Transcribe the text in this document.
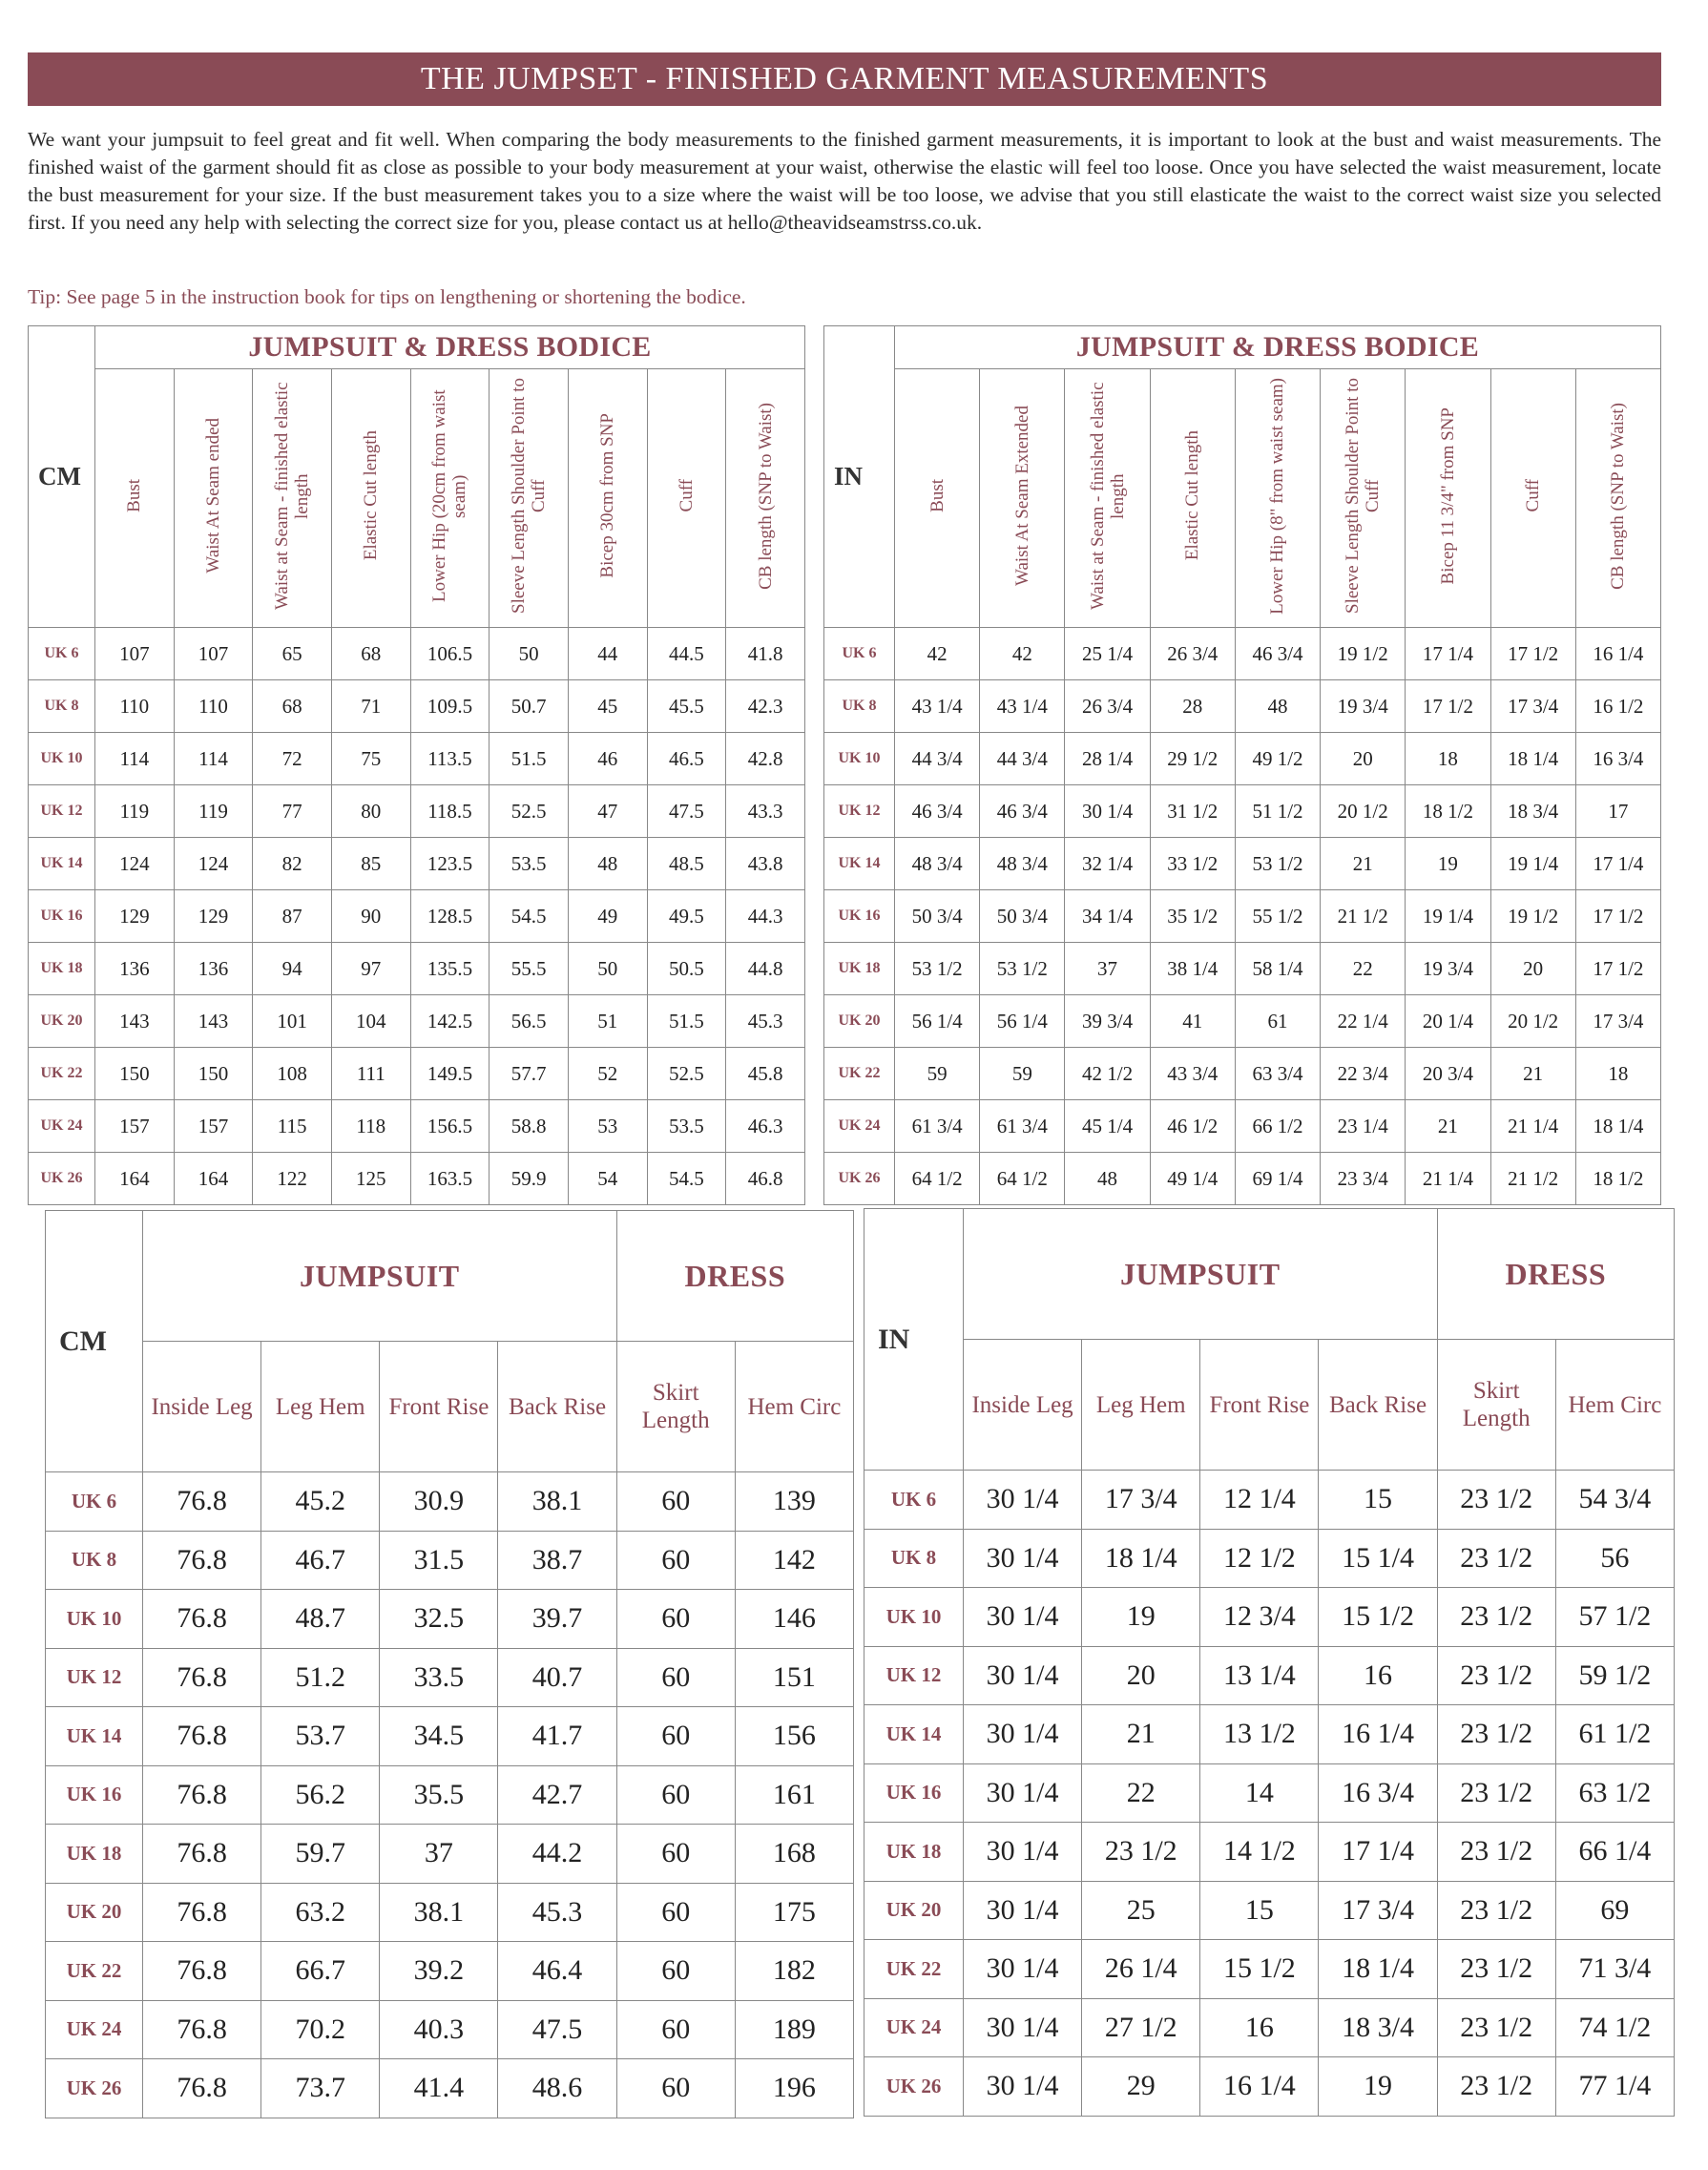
THE JUMPSET - FINISHED GARMENT MEASUREMENTS
We want your jumpsuit to feel great and fit well. When comparing the body measurements to the finished garment measurements, it is important to look at the bust and waist measurements. The finished waist of the garment should fit as close as possible to your body measurement at your waist, otherwise the elastic will feel too loose. Once you have selected the waist measurement, locate the bust measurement for your size. If the bust measurement takes you to a size where the waist will be too loose, we advise that you still elasticate the waist to the correct waist size you selected first. If you need any help with selecting the correct size for you, please contact us at hello@theavidseamstrss.co.uk.
Tip: See page 5 in the instruction book for tips on lengthening or shortening the bodice.
CM	JUMPSUIT & DRESS BODICE								
	Bust	Waist At Seam ended	Waist at Seam - finished elastic length	Elastic Cut length	Lower Hip (20cm from waist seam)	Sleeve Length Shoulder Point to Cuff	Bicep 30cm from SNP	Cuff	CB length (SNP to Waist)
UK 6	107	107	65	68	106.5	50	44	44.5	41.8
UK 8	110	110	68	71	109.5	50.7	45	45.5	42.3
UK 10	114	114	72	75	113.5	51.5	46	46.5	42.8
UK 12	119	119	77	80	118.5	52.5	47	47.5	43.3
UK 14	124	124	82	85	123.5	53.5	48	48.5	43.8
UK 16	129	129	87	90	128.5	54.5	49	49.5	44.3
UK 18	136	136	94	97	135.5	55.5	50	50.5	44.8
UK 20	143	143	101	104	142.5	56.5	51	51.5	45.3
UK 22	150	150	108	111	149.5	57.7	52	52.5	45.8
UK 24	157	157	115	118	156.5	58.8	53	53.5	46.3
UK 26	164	164	122	125	163.5	59.9	54	54.5	46.8
IN	JUMPSUIT & DRESS BODICE								
	Bust	Waist At Seam Extended	Waist at Seam - finished elastic length	Elastic Cut length	Lower Hip (8" from waist seam)	Sleeve Length Shoulder Point to Cuff	Bicep 11 3/4" from SNP	Cuff	CB length (SNP to Waist)
UK 6	42	42	25 1/4	26 3/4	46 3/4	19 1/2	17 1/4	17 1/2	16 1/4
UK 8	43 1/4	43 1/4	26 3/4	28	48	19 3/4	17 1/2	17 3/4	16 1/2
UK 10	44 3/4	44 3/4	28 1/4	29 1/2	49 1/2	20	18	18 1/4	16 3/4
UK 12	46 3/4	46 3/4	30 1/4	31 1/2	51 1/2	20 1/2	18 1/2	18 3/4	17
UK 14	48 3/4	48 3/4	32 1/4	33 1/2	53 1/2	21	19	19 1/4	17 1/4
UK 16	50 3/4	50 3/4	34 1/4	35 1/2	55 1/2	21 1/2	19 1/4	19 1/2	17 1/2
UK 18	53 1/2	53 1/2	37	38 1/4	58 1/4	22	19 3/4	20	17 1/2
UK 20	56 1/4	56 1/4	39 3/4	41	61	22 1/4	20 1/4	20 1/2	17 3/4
UK 22	59	59	42 1/2	43 3/4	63 3/4	22 3/4	20 3/4	21	18
UK 24	61 3/4	61 3/4	45 1/4	46 1/2	66 1/2	23 1/4	21	21 1/4	18 1/4
UK 26	64 1/2	64 1/2	48	49 1/4	69 1/4	23 3/4	21 1/4	21 1/2	18 1/2
CM	JUMPSUIT				DRESS	
	Inside Leg	Leg Hem	Front Rise	Back Rise	Skirt Length	Hem Circ
UK 6	76.8	45.2	30.9	38.1	60	139
UK 8	76.8	46.7	31.5	38.7	60	142
UK 10	76.8	48.7	32.5	39.7	60	146
UK 12	76.8	51.2	33.5	40.7	60	151
UK 14	76.8	53.7	34.5	41.7	60	156
UK 16	76.8	56.2	35.5	42.7	60	161
UK 18	76.8	59.7	37	44.2	60	168
UK 20	76.8	63.2	38.1	45.3	60	175
UK 22	76.8	66.7	39.2	46.4	60	182
UK 24	76.8	70.2	40.3	47.5	60	189
UK 26	76.8	73.7	41.4	48.6	60	196
IN	JUMPSUIT				DRESS	
	Inside Leg	Leg Hem	Front Rise	Back Rise	Skirt Length	Hem Circ
UK 6	30 1/4	17 3/4	12 1/4	15	23 1/2	54 3/4
UK 8	30 1/4	18 1/4	12 1/2	15 1/4	23 1/2	56
UK 10	30 1/4	19	12 3/4	15 1/2	23 1/2	57 1/2
UK 12	30 1/4	20	13 1/4	16	23 1/2	59 1/2
UK 14	30 1/4	21	13 1/2	16 1/4	23 1/2	61 1/2
UK 16	30 1/4	22	14	16 3/4	23 1/2	63 1/2
UK 18	30 1/4	23 1/2	14 1/2	17 1/4	23 1/2	66 1/4
UK 20	30 1/4	25	15	17 3/4	23 1/2	69
UK 22	30 1/4	26 1/4	15 1/2	18 1/4	23 1/2	71 3/4
UK 24	30 1/4	27 1/2	16	18 3/4	23 1/2	74 1/2
UK 26	30 1/4	29	16 1/4	19	23 1/2	77 1/4
